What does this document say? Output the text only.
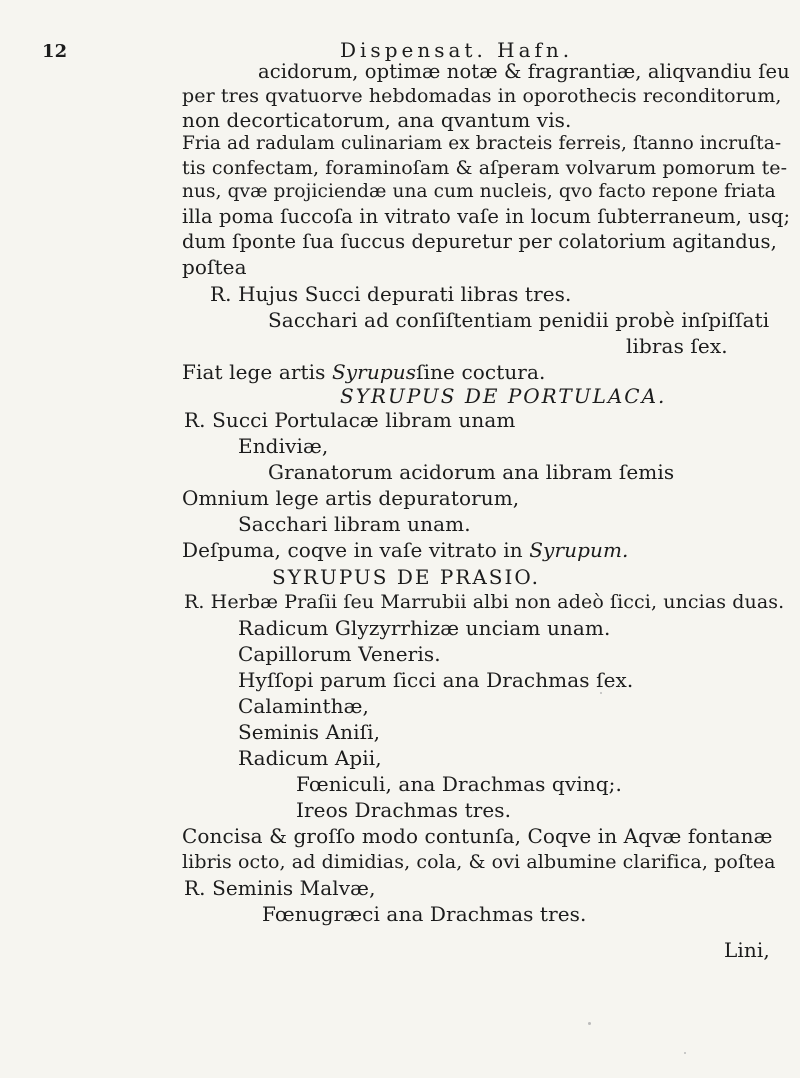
12	Dispensat. Hafn.
acidorum, optimæ notæ & fragrantiæ, aliqvandiu ſeu
per tres qvatuorve hebdomadas in oporothecis reconditorum,
non decorticatorum, ana qvantum vis.
Fria ad radulam culinariam ex bracteis ferreis, ſtanno incruſta-
tis confectam, foraminoſam & aſperam volvarum pomorum te-
nus, qvæ projiciendæ una cum nucleis, qvo facto repone friata
illa poma ſuccoſa in vitrato vaſe in locum ſubterraneum, usq;
dum ſponte ſua ſuccus depuretur per colatorium agitandus,
poſtea
R. Hujus Succi depurati libras tres.
Sacchari ad conſiſtentiam penidii probè inſpiſſati
libras ſex.
Fiat lege artis Syrupusſine coctura.
SYRUPUS DE PORTULACA.
R. Succi Portulacæ libram unam
Endiviæ,
Granatorum acidorum ana libram ſemis
Omnium lege artis depuratorum,
Sacchari libram unam.
Deſpuma, coqve in vaſe vitrato in Syrupum.
SYRUPUS DE PRASIO.
R. Herbæ Praſii ſeu Marrubii albi non adeò ſicci, uncias duas.
Radicum Glyzyrrhizæ unciam unam.
Capillorum Veneris.
Hyſſopi parum ſicci ana Drachmas ſex.
Calaminthæ,
Seminis Aniſi,
Radicum Apii,
Fœniculi, ana Drachmas qvinq;.
Ireos Drachmas tres.
Concisa & groſſo modo contunſa, Coqve in Aqvæ fontanæ
libris octo, ad dimidias, cola, & ovi albumine clarifica, poſtea
R. Seminis Malvæ,
Fœnugræci ana Drachmas tres.
Lini,
